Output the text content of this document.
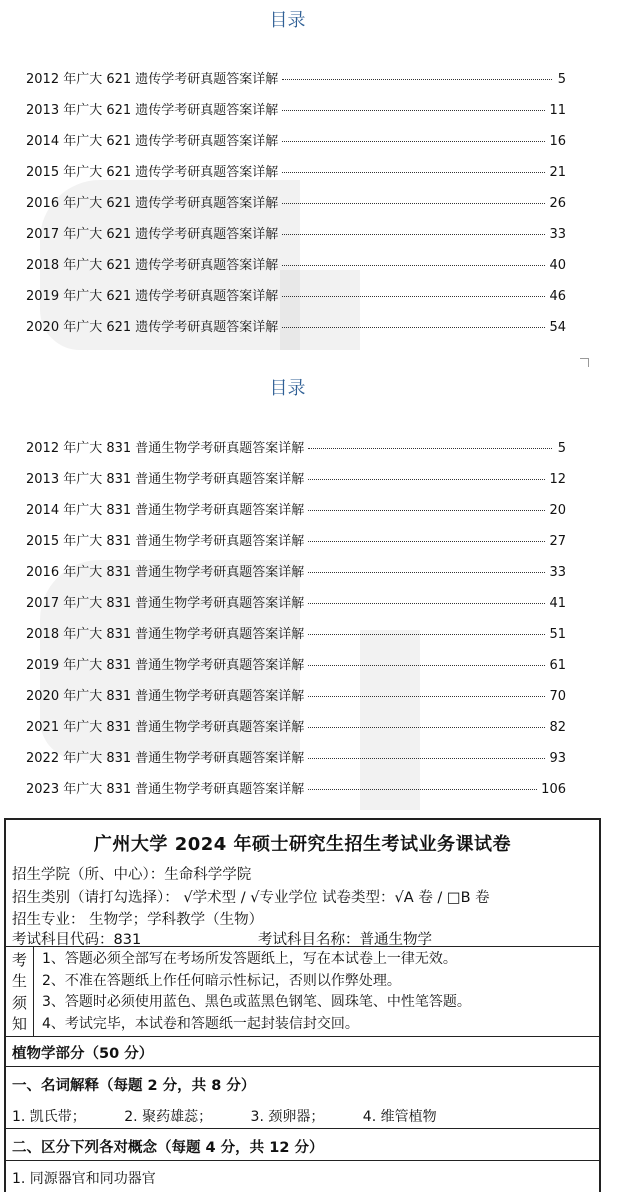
目录
2012 年广大 621 遗传学考研真题答案详解	5
2013 年广大 621 遗传学考研真题答案详解	11
2014 年广大 621 遗传学考研真题答案详解	16
2015 年广大 621 遗传学考研真题答案详解	21
2016 年广大 621 遗传学考研真题答案详解	26
2017 年广大 621 遗传学考研真题答案详解	33
2018 年广大 621 遗传学考研真题答案详解	40
2019 年广大 621 遗传学考研真题答案详解	46
2020 年广大 621 遗传学考研真题答案详解	54
目录
2012 年广大 831 普通生物学考研真题答案详解	5
2013 年广大 831 普通生物学考研真题答案详解	12
2014 年广大 831 普通生物学考研真题答案详解	20
2015 年广大 831 普通生物学考研真题答案详解	27
2016 年广大 831 普通生物学考研真题答案详解	33
2017 年广大 831 普通生物学考研真题答案详解	41
2018 年广大 831 普通生物学考研真题答案详解	51
2019 年广大 831 普通生物学考研真题答案详解	61
2020 年广大 831 普通生物学考研真题答案详解	70
2021 年广大 831 普通生物学考研真题答案详解	82
2022 年广大 831 普通生物学考研真题答案详解	93
2023 年广大 831 普通生物学考研真题答案详解	106
广州大学 2024 年硕士研究生招生考试业务课试卷
招生学院（所、中心）：生命科学学院
招生类别（请打勾选择）： √学术型 / √专业学位 试卷类型：√A 卷 / □B 卷
招生专业： 生物学；学科教学（生物）
考试科目代码：831	考试科目名称：普通生物学
考
生
须
知
1、答题必须全部写在考场所发答题纸上，写在本试卷上一律无效。
2、不准在答题纸上作任何暗示性标记，否则以作弊处理。
3、答题时必须使用蓝色、黑色或蓝黑色钢笔、圆珠笔、中性笔答题。
4、考试完毕，本试卷和答题纸一起封装信封交回。
植物学部分（50 分）
一、名词解释（每题 2 分，共 8 分）
1. 凯氏带；	2. 聚药雄蕊；	3. 颈卵器；	4. 维管植物
二、区分下列各对概念（每题 4 分，共 12 分）
1. 同源器官和同功器官
